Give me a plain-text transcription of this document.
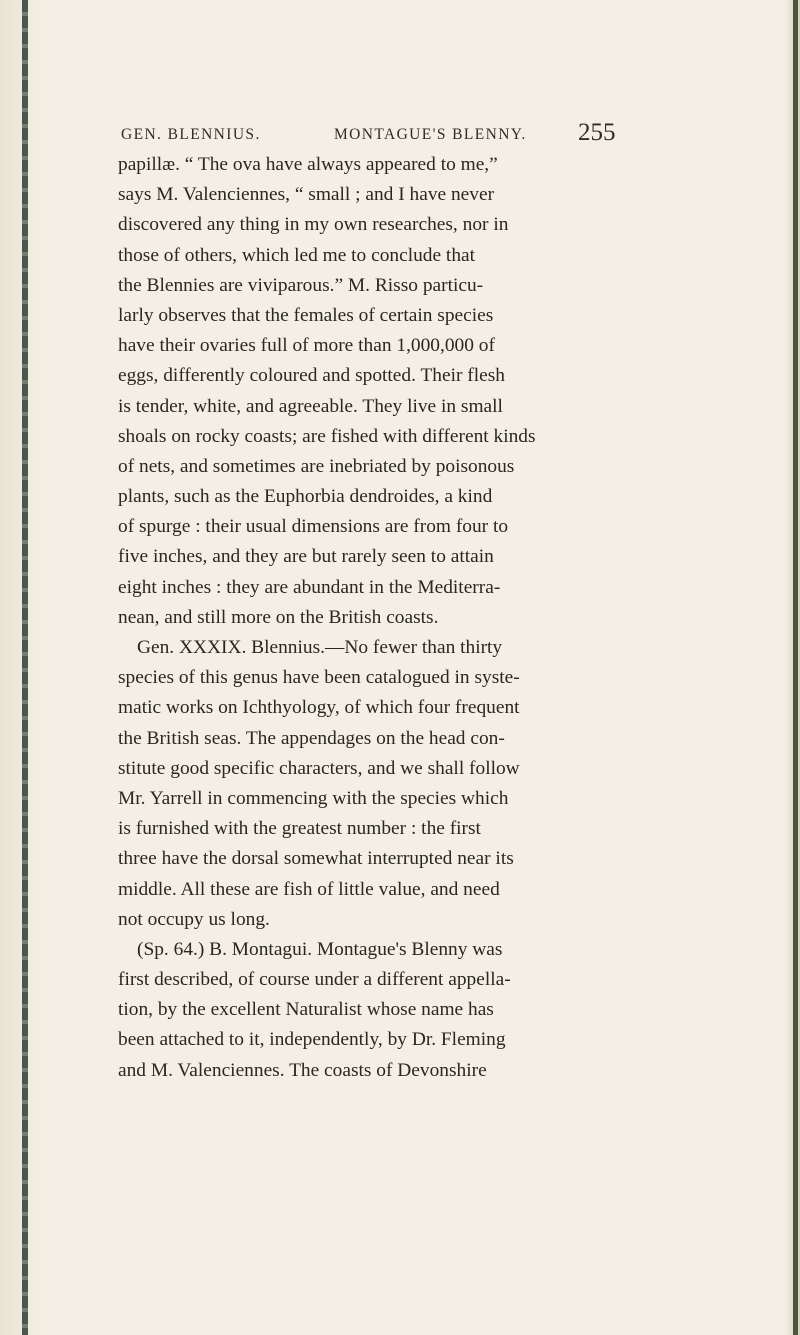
GEN. BLENNIUS.	MONTAGUE'S BLENNY. 255
papillæ. “ The ova have always appeared to me,”
says M. Valenciennes, “ small ; and I have never
discovered any thing in my own researches, nor in
those of others, which led me to conclude that
the Blennies are viviparous.” M. Risso particu-
larly observes that the females of certain species
have their ovaries full of more than 1,000,000 of
eggs, differently coloured and spotted. Their flesh
is tender, white, and agreeable. They live in small
shoals on rocky coasts; are fished with different kinds
of nets, and sometimes are inebriated by poisonous
plants, such as the Euphorbia dendroides, a kind
of spurge : their usual dimensions are from four to
five inches, and they are but rarely seen to attain
eight inches : they are abundant in the Mediterra-
nean, and still more on the British coasts.
Gen. XXXIX. Blennius.—No fewer than thirty
species of this genus have been catalogued in syste-
matic works on Ichthyology, of which four frequent
the British seas. The appendages on the head con-
stitute good specific characters, and we shall follow
Mr. Yarrell in commencing with the species which
is furnished with the greatest number : the first
three have the dorsal somewhat interrupted near its
middle. All these are fish of little value, and need
not occupy us long.
(Sp. 64.) B. Montagui. Montague's Blenny was
first described, of course under a different appella-
tion, by the excellent Naturalist whose name has
been attached to it, independently, by Dr. Fleming
and M. Valenciennes. The coasts of Devonshire
